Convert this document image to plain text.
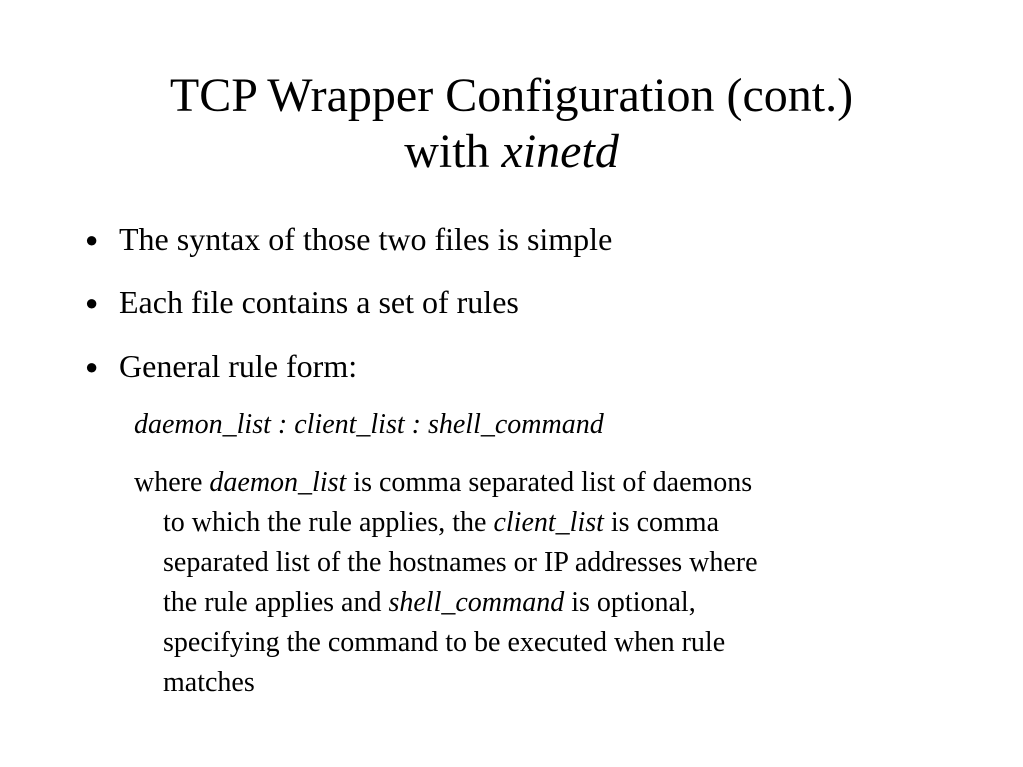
TCP Wrapper Configuration (cont.)
with xinetd
● The syntax of those two files is simple
● Each file contains a set of rules
● General rule form:
daemon_list : client_list : shell_command
where daemon_list is comma separated list of daemons
to which the rule applies, the client_list is comma
separated list of the hostnames or IP addresses where
the rule applies and shell_command is optional,
specifying the command to be executed when rule
matches
